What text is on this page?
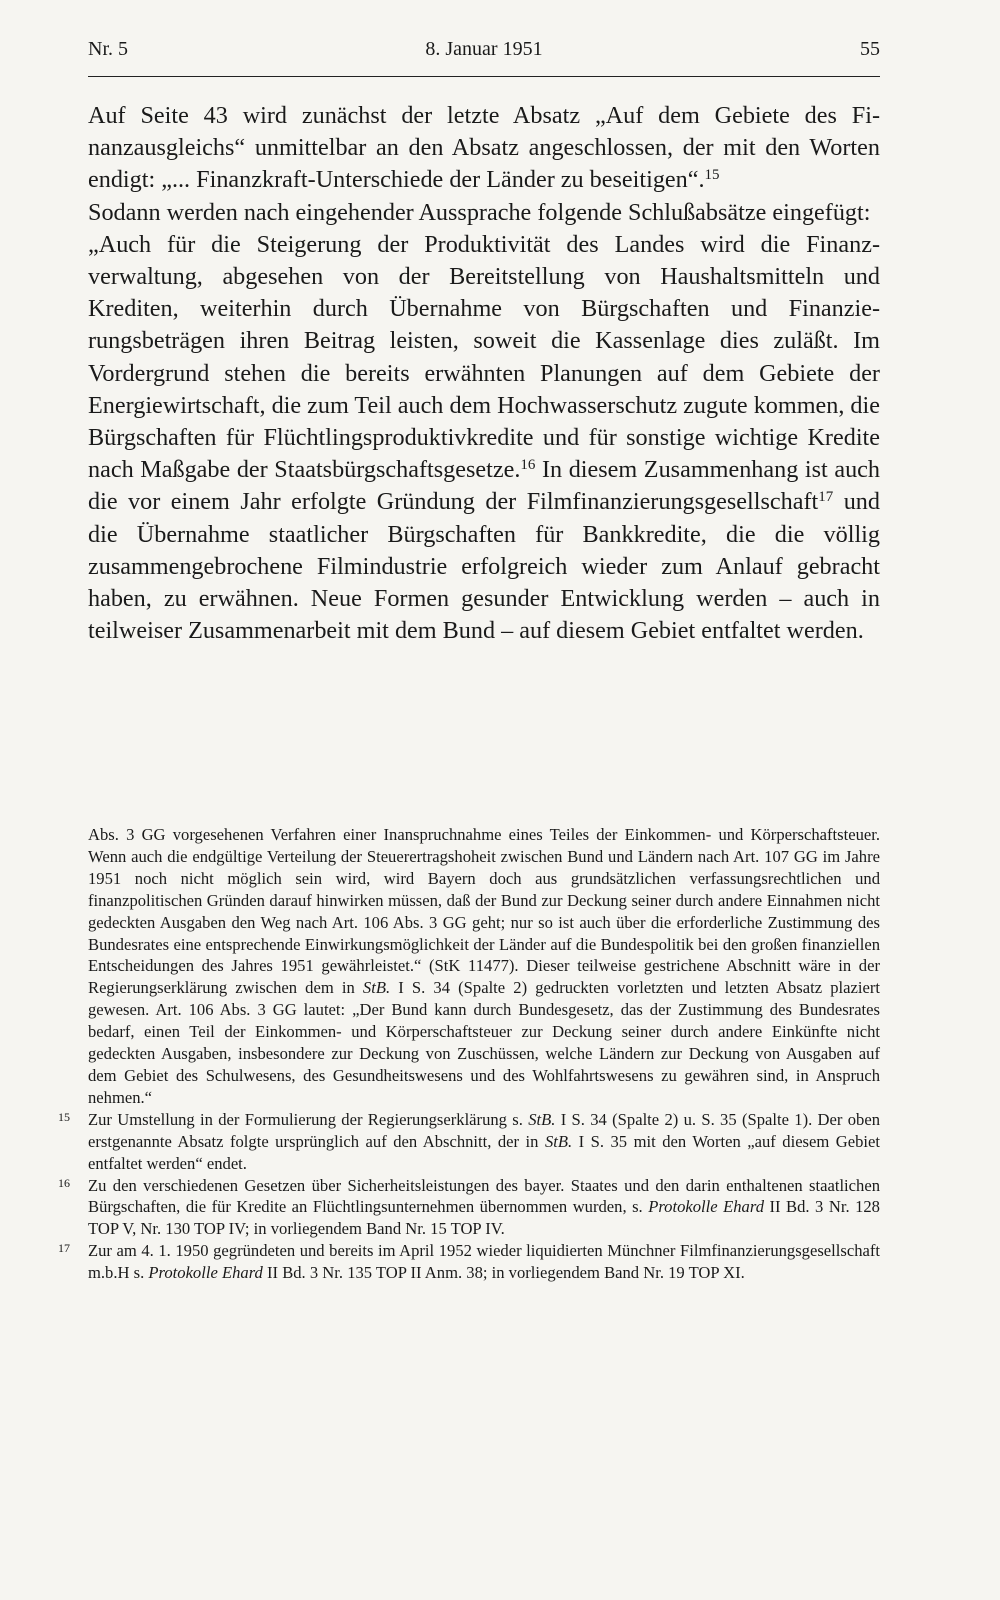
Nr. 5	8. Januar 1951	55

Auf Seite 43 wird zunächst der letzte Absatz „Auf dem Gebiete des Finanzausgleichs“ unmittelbar an den Absatz angeschlossen, der mit den Worten endigt: „... Finanzkraft-Unterschiede der Länder zu beseitigen“.$^{15}$

Sodann werden nach eingehender Aussprache folgende Schlußabsätze eingefügt:

„Auch für die Steigerung der Produktivität des Landes wird die Finanzverwaltung, abgesehen von der Bereitstellung von Haushaltsmitteln und Krediten, weiterhin durch Übernahme von Bürgschaften und Finanzierungsbeträgen ihren Beitrag leisten, soweit die Kassenlage dies zuläßt. Im Vordergrund stehen die bereits erwähnten Planungen auf dem Gebiete der Energiewirtschaft, die zum Teil auch dem Hochwasserschutz zugute kommen, die Bürgschaften für Flüchtlingsproduktivkredite und für sonstige wichtige Kredite nach Maßgabe der Staatsbürgschaftsgesetze.$^{16}$ In diesem Zusammenhang ist auch die vor einem Jahr erfolgte Gründung der Filmfinanzierungsgesellschaft$^{17}$ und die Übernahme staatlicher Bürgschaften für Bankkredite, die die völlig zusammengebrochene Filmindustrie erfolgreich wieder zum Anlauf gebracht haben, zu erwähnen. Neue Formen gesunder Entwicklung werden – auch in teilweiser Zusammenarbeit mit dem Bund – auf diesem Gebiet entfaltet werden.

Abs. 3 GG vorgesehenen Verfahren einer Inanspruchnahme eines Teiles der Einkommen- und Körperschaftsteuer. Wenn auch die endgültige Verteilung der Steuerertragshoheit zwischen Bund und Ländern nach Art. 107 GG im Jahre 1951 noch nicht möglich sein wird, wird Bayern doch aus grundsätzlichen verfassungsrechtlichen und finanzpolitischen Gründen darauf hinwirken müssen, daß der Bund zur Deckung seiner durch andere Einnahmen nicht gedeckten Ausgaben den Weg nach Art. 106 Abs. 3 GG geht; nur so ist auch über die erforderliche Zustimmung des Bundesrates eine entsprechende Einwirkungsmöglichkeit der Länder auf die Bundespolitik bei den großen finanziellen Entscheidungen des Jahres 1951 gewährleistet.“ (StK 11477). Dieser teilweise gestrichene Abschnitt wäre in der Regierungserklärung zwischen dem in StB. I S. 34 (Spalte 2) gedruckten vorletzten und letzten Absatz plaziert gewesen. Art. 106 Abs. 3 GG lautet: „Der Bund kann durch Bundesgesetz, das der Zustimmung des Bundesrates bedarf, einen Teil der Einkommen- und Körperschaftsteuer zur Deckung seiner durch andere Einkünfte nicht gedeckten Ausgaben, insbesondere zur Deckung von Zuschüssen, welche Ländern zur Deckung von Ausgaben auf dem Gebiet des Schulwesens, des Gesundheitswesens und des Wohlfahrtswesens zu gewähren sind, in Anspruch nehmen.“

15 Zur Umstellung in der Formulierung der Regierungserklärung s. StB. I S. 34 (Spalte 2) u. S. 35 (Spalte 1). Der oben erstgenannte Absatz folgte ursprünglich auf den Abschnitt, der in StB. I S. 35 mit den Worten „auf diesem Gebiet entfaltet werden“ endet.

16 Zu den verschiedenen Gesetzen über Sicherheitsleistungen des bayer. Staates und den darin enthaltenen staatlichen Bürgschaften, die für Kredite an Flüchtlingsunternehmen übernommen wurden, s. Protokolle Ehard II Bd. 3 Nr. 128 TOP V, Nr. 130 TOP IV; in vorliegendem Band Nr. 15 TOP IV.

17 Zur am 4. 1. 1950 gegründeten und bereits im April 1952 wieder liquidierten Münchner Filmfinanzierungsgesellschaft m.b.H s. Protokolle Ehard II Bd. 3 Nr. 135 TOP II Anm. 38; in vorliegendem Band Nr. 19 TOP XI.
